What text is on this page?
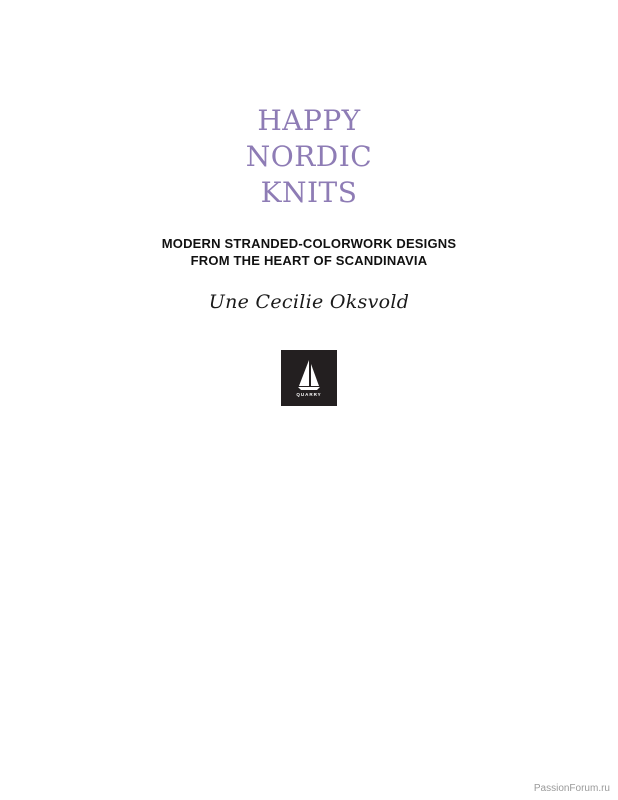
HAPPY
NORDIC
KNITS
MODERN STRANDED-COLORWORK DESIGNS
FROM THE HEART OF SCANDINAVIA
Une Cecilie Oksvold
QUARRY
PassionForum.ru
